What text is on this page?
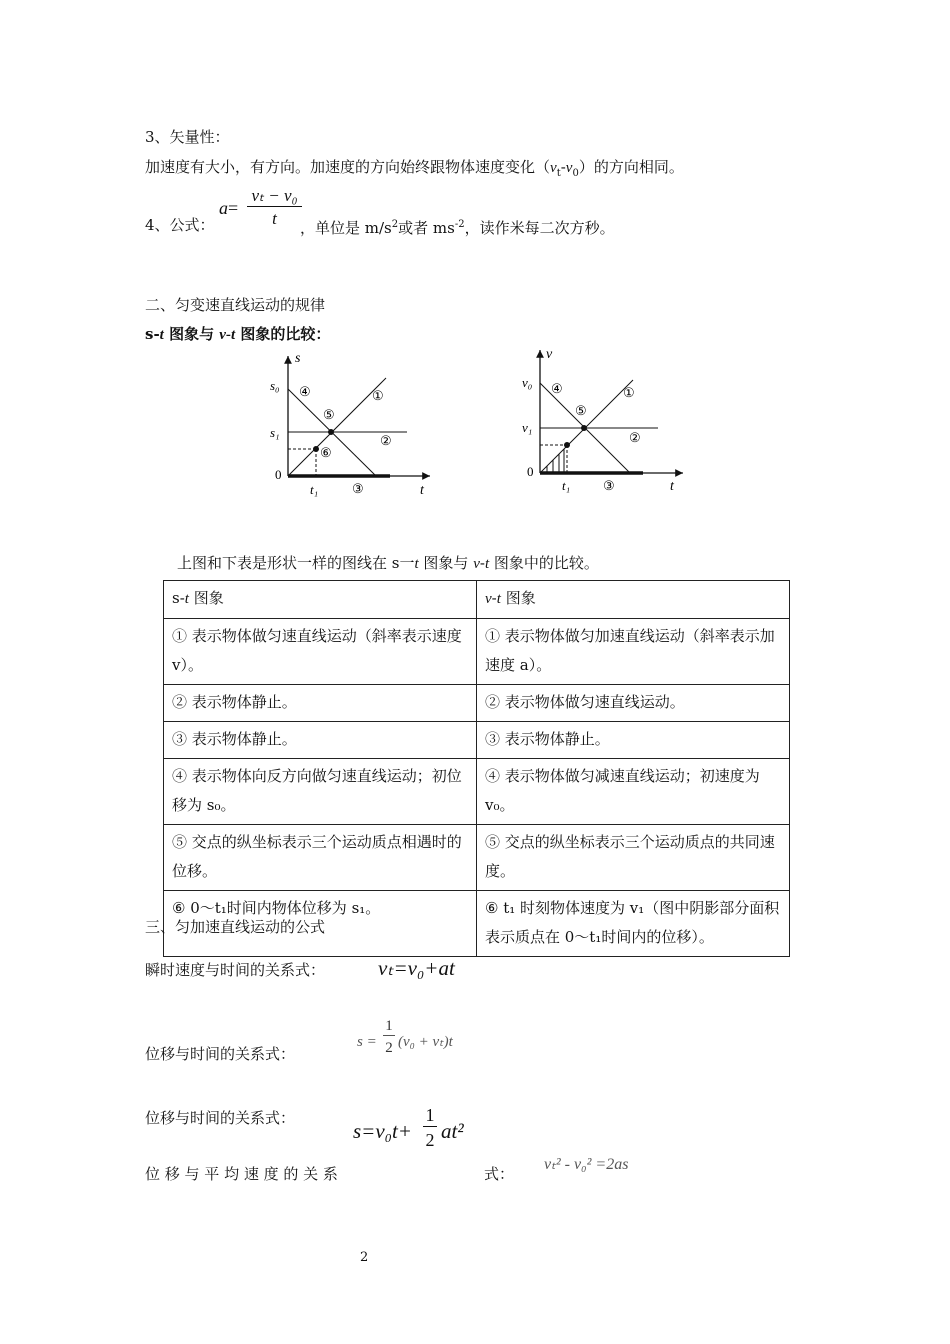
3、矢量性：
加速度有大小，有方向。加速度的方向始终跟物体速度变化$(v_t-v_0)$的方向相同。
4、公式：
a=
vₜ − v₀
t	，单位是 $m/s^2$或者 $ms^{-2}$，读作米每二次方秒。
二、匀变速直线运动的规律
s-t 图象与 v-t 图象的比较：
s
t
0
s₀
s₁
t₁
④	①
⑤
②
⑥
③
v
t
0
v₀
v₁
t₁
④	①
⑤
②
③
上图和下表是形状一样的图线在 s一t 图象与 v-t 图象中的比较。
s-t 图象	v-t 图象
① 表示物体做匀速直线运动（斜率表示速度 v）。	① 表示物体做匀加速直线运动（斜率表示加速度 a）。
② 表示物体静止。	② 表示物体做匀速直线运动。
③ 表示物体静止。	③ 表示物体静止。
④ 表示物体向反方向做匀速直线运动；初位移为 s₀。	④ 表示物体做匀减速直线运动；初速度为 v₀。
⑤ 交点的纵坐标表示三个运动质点相遇时的位移。	⑤ 交点的纵坐标表示三个运动质点的共同速度。
⑥ 0～t₁时间内物体位移为 s₁。	⑥ t₁ 时刻物体速度为 v₁（图中阴影部分面积表示质点在 0～t₁时间内的位移）。
三、匀加速直线运动的公式
瞬时速度与时间的关系式：	vₜ=v₀+at
位移与时间的关系式：
s =
1
2 (v₀ + vₜ)t
位移与时间的关系式：
s=v₀t+
1
2 at²
位 移 与 平 均 速 度 的 关 系	式：
vₜ² - v₀² =2as
2
